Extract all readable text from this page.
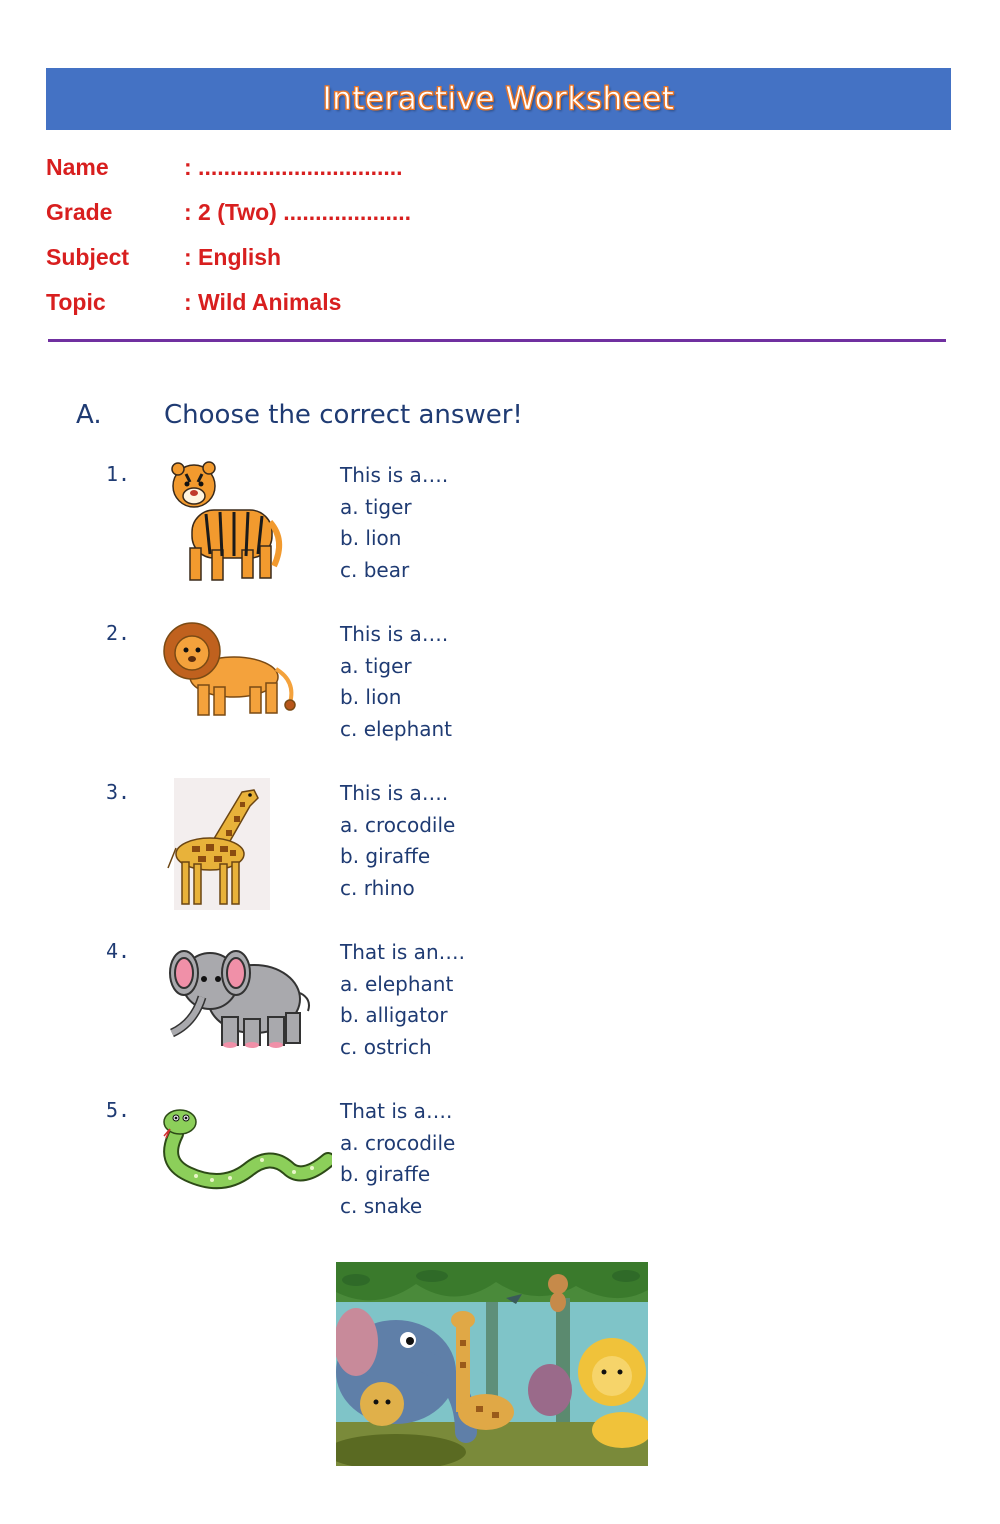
Interactive Worksheet
Name	: ................................
Grade	: 2 (Two) ....................
Subject : English
Topic	: Wild Animals
A. Choose the correct answer!
1.	This is a….
a. tiger
b. lion
c. bear
2.	This is a….
a. tiger
b. lion
c. elephant
3.	This is a….
a. crocodile
b. giraffe
c. rhino
4.	That is an….
a. elephant
b. alligator
c. ostrich
5.	That is a….
a. crocodile
b. giraffe
c. snake
